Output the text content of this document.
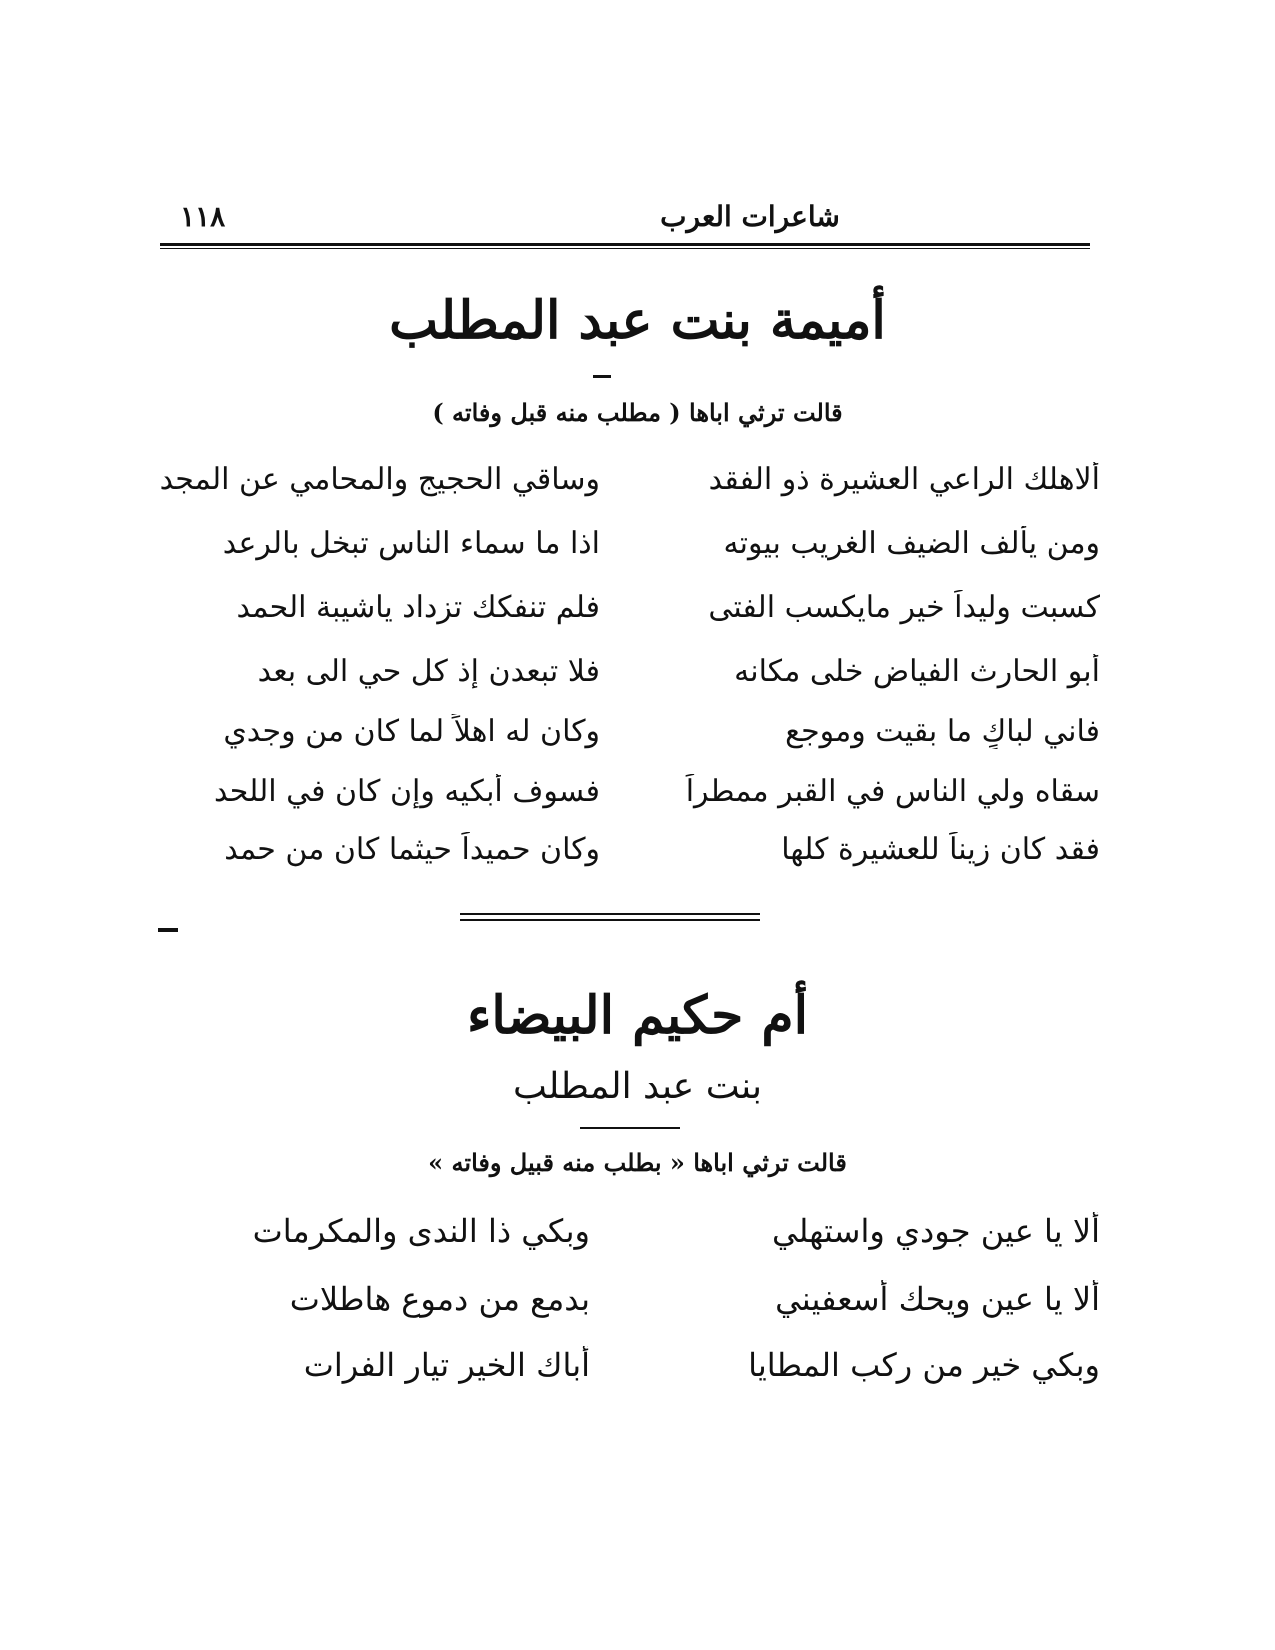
١١٨	شاعرات العرب
أميمة بنت عبد المطلب
قالت ترثي اباها ( مطلب منه قبل وفاته )
ألاهلك الراعي العشيرة ذو الفقد
وساقي الحجيج والمحامي عن المجد
ومن يألف الضيف الغريب بيوته
اذا ما سماء الناس تبخل بالرعد
كسبت وليداً خير مايكسب الفتى
فلم تنفكك تزداد ياشيبة الحمد
أبو الحارث الفياض خلى مكانه
فلا تبعدن إذ كل حي الى بعد
فاني لباكٍ ما بقيت وموجع
وكان له اهلاً لما كان من وجدي
سقاه ولي الناس في القبر ممطراً
فسوف أبكيه وإن كان في اللحد
فقد كان زيناً للعشيرة كلها
وكان حميداً حيثما كان من حمد
أم حكيم البيضاء
بنت عبد المطلب
قالت ترثي اباها « بطلب منه قبيل وفاته »
ألا يا عين جودي واستهلي
وبكي ذا الندى والمكرمات
ألا يا عين ويحك أسعفيني
بدمع من دموع هاطلات
وبكي خير من ركب المطايا
أباك الخير تيار الفرات
